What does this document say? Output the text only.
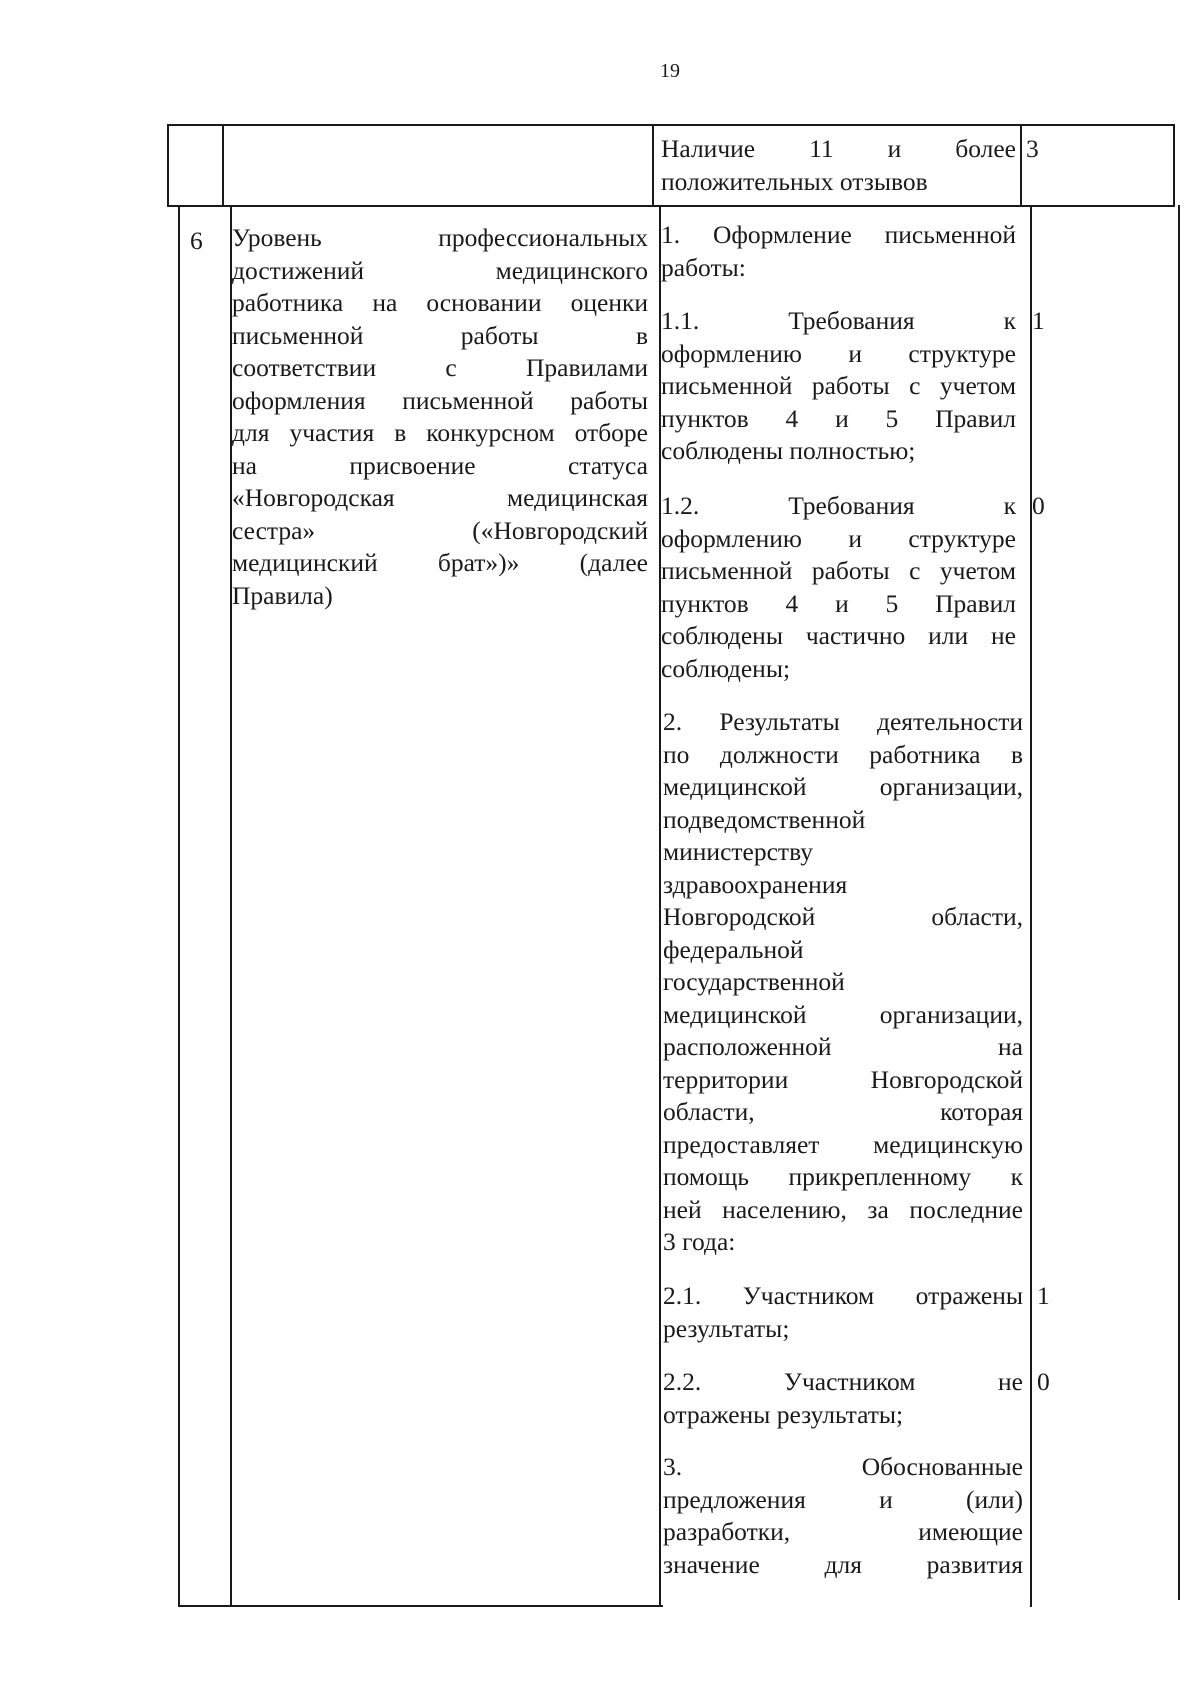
19
Наличие 11 и более
положительных отзывов
3
6 Уровень профессиональных
достижений медицинского
работника на основании оценки
письменной работы в
соответствии с Правилами
оформления письменной работы
для участия в конкурсном отборе
на присвоение статуса
«Новгородская медицинская
сестра» («Новгородский
медицинский брат»)» (далее
Правила)
1. Оформление письменной
работы:
1.1. Требования к
оформлению и структуре
письменной работы с учетом
пунктов 4 и 5 Правил
соблюдены полностью;
1
1.2. Требования к
оформлению и структуре
письменной работы с учетом
пунктов 4 и 5 Правил
соблюдены частично или не
соблюдены;
0
2. Результаты деятельности
по должности работника в
медицинской организации,
подведомственной
министерству
здравоохранения
Новгородской области,
федеральной
государственной
медицинской организации,
расположенной на
территории Новгородской
области, которая
предоставляет медицинскую
помощь прикрепленному к
ней населению, за последние
3 года:
2.1. Участником отражены
результаты;
1
2.2. Участником не
отражены результаты;
0
3. Обоснованные
предложения и (или)
разработки, имеющие
значение для развития
